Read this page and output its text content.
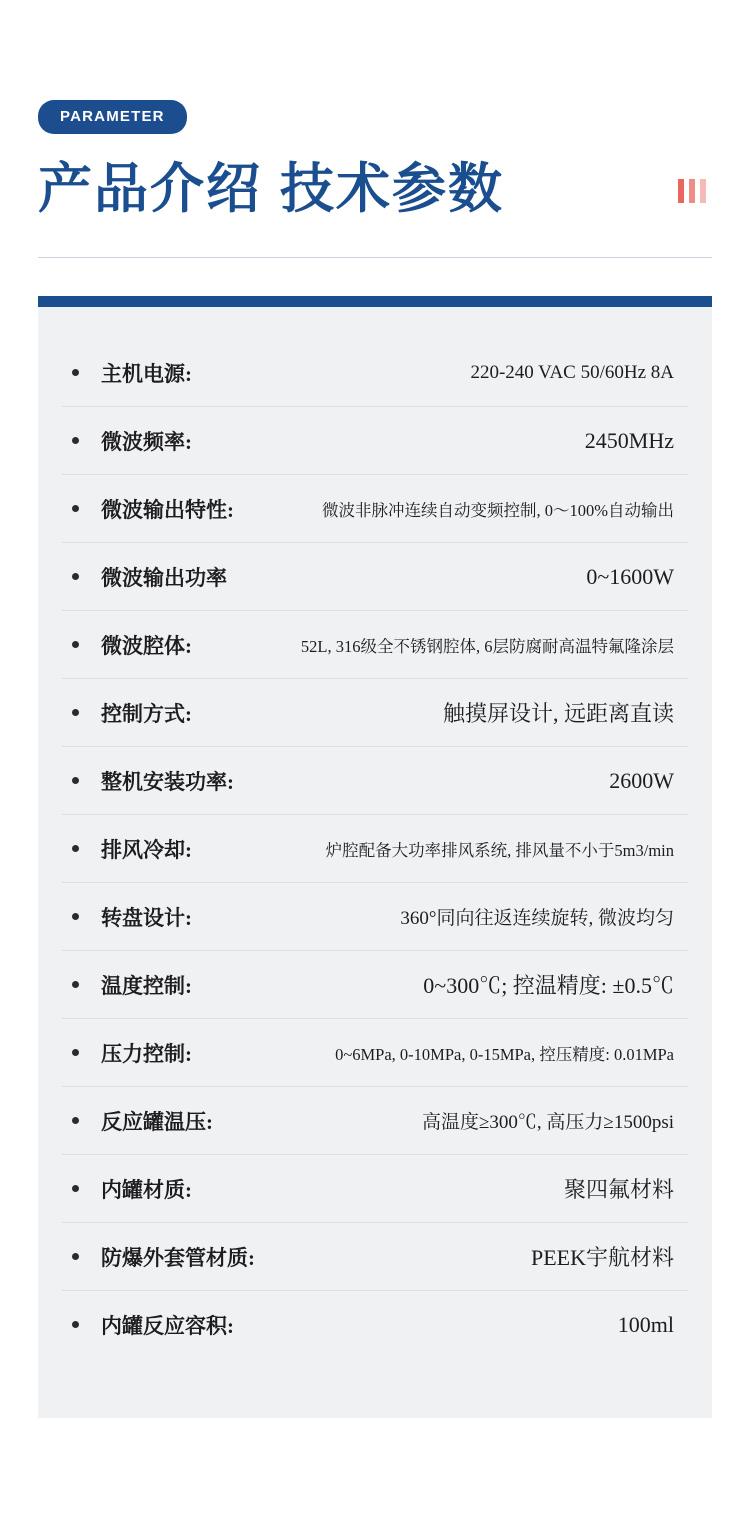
PARAMETER
产品介绍 技术参数
主机电源:	220-240 VAC 50/60Hz 8A
微波频率:	2450MHz
微波输出特性:	微波非脉冲连续自动变频控制, 0～100%自动输出
微波输出功率	0~1600W
微波腔体:	52L, 316级全不锈钢腔体, 6层防腐耐高温特氟隆涂层
控制方式:	触摸屏设计, 远距离直读
整机安装功率:	2600W
排风冷却:	炉腔配备大功率排风系统, 排风量不小于5m3/min
转盘设计:	360°同向往返连续旋转, 微波均匀
温度控制:	0~300℃; 控温精度: ±0.5℃
压力控制:	0~6MPa, 0-10MPa, 0-15MPa, 控压精度: 0.01MPa
反应罐温压:	高温度≥300℃, 高压力≥1500psi
内罐材质:	聚四氟材料
防爆外套管材质:	PEEK宇航材料
内罐反应容积:	100ml
